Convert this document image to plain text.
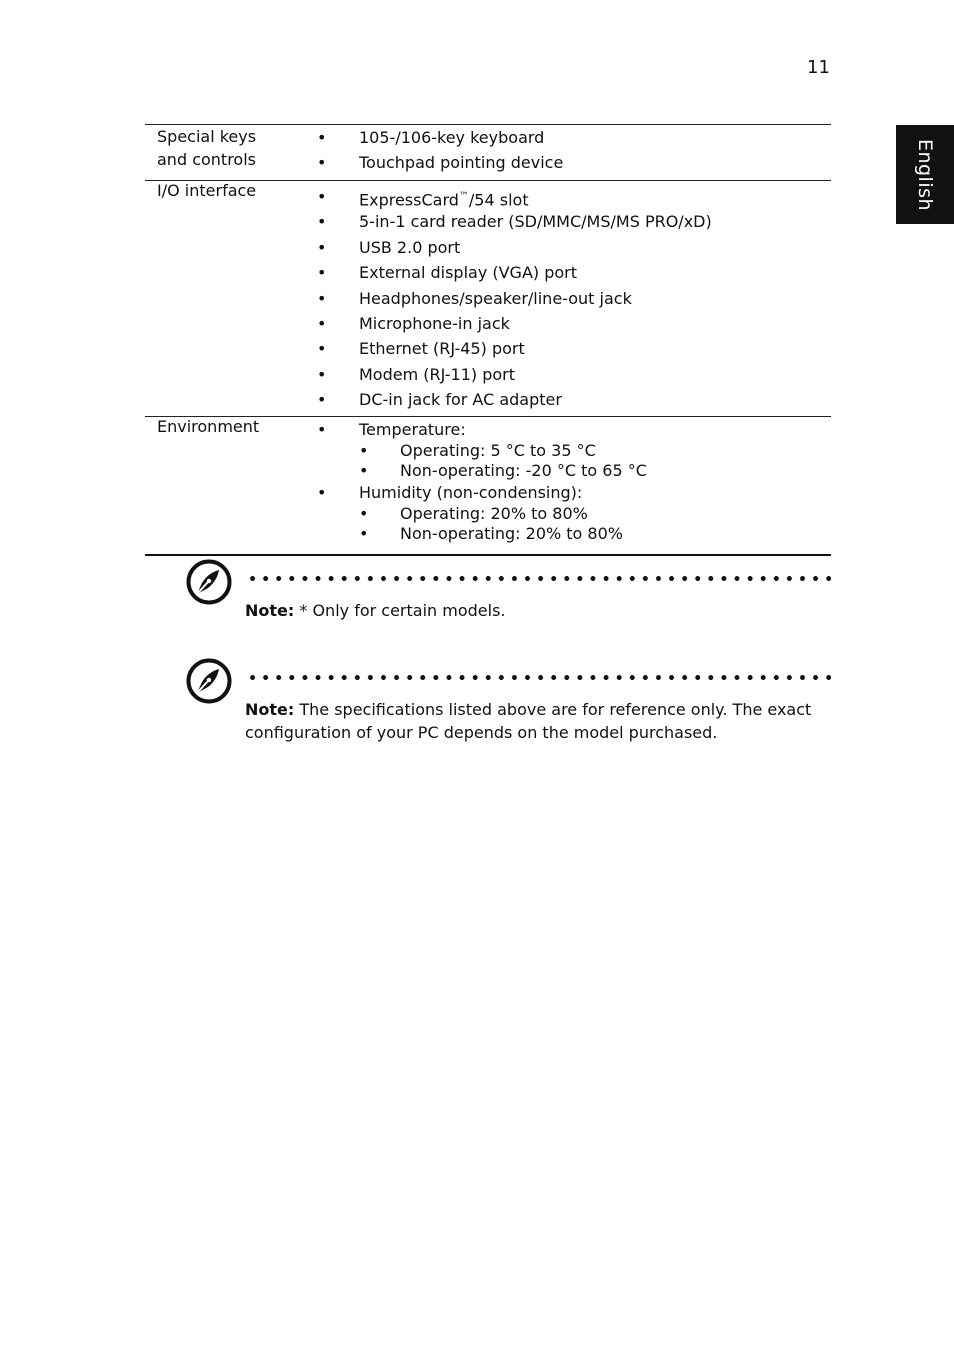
11
English
Special keys
and controls
• 105-/106-key keyboard
• Touchpad pointing device
I/O interface	• ExpressCard™/54 slot
• 5-in-1 card reader (SD/MMC/MS/MS PRO/xD)
• USB 2.0 port
• External display (VGA) port
• Headphones/speaker/line-out jack
• Microphone-in jack
• Ethernet (RJ-45) port
• Modem (RJ-11) port
• DC-in jack for AC adapter
Environment	• Temperature:
• Operating: 5 °C to 35 °C
• Non-operating: -20 °C to 65 °C
• Humidity (non-condensing):
• Operating: 20% to 80%
• Non-operating: 20% to 80%
Note: * Only for certain models.
Note: The specifications listed above are for reference only. The exact configuration of your PC depends on the model purchased.
